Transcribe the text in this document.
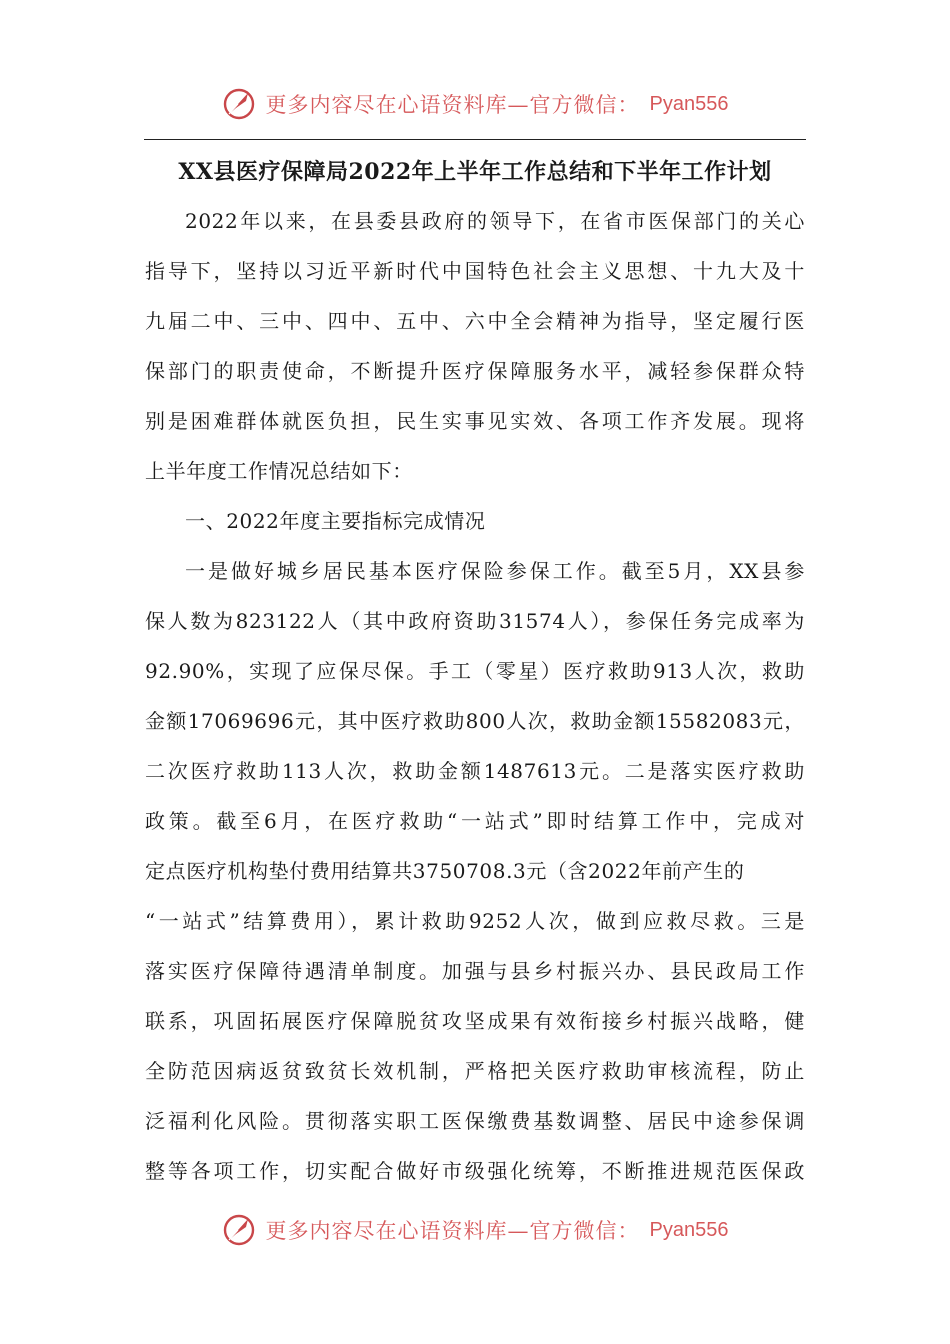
更多内容尽在心语资料库—官方微信： Pyan556
XX县医疗保障局2022年上半年工作总结和下半年工作计划
2022年以来，在县委县政府的领导下，在省市医保部门的关心
指导下，坚持以习近平新时代中国特色社会主义思想、十九大及十
九届二中、三中、四中、五中、六中全会精神为指导，坚定履行医
保部门的职责使命，不断提升医疗保障服务水平，减轻参保群众特
别是困难群体就医负担，民生实事见实效、各项工作齐发展。现将
上半年度工作情况总结如下：
一、2022年度主要指标完成情况
一是做好城乡居民基本医疗保险参保工作。截至5月，XX县参
保人数为823122人（其中政府资助31574人），参保任务完成率为
92.90%，实现了应保尽保。手工（零星）医疗救助913人次，救助
金额17069696元，其中医疗救助800人次，救助金额15582083元，
二次医疗救助113人次，救助金额1487613元。二是落实医疗救助
政策。截至6月，在医疗救助“一站式”即时结算工作中，完成对
定点医疗机构垫付费用结算共3750708.3元（含2022年前产生的
“一站式”结算费用），累计救助9252人次，做到应救尽救。三是
落实医疗保障待遇清单制度。加强与县乡村振兴办、县民政局工作
联系，巩固拓展医疗保障脱贫攻坚成果有效衔接乡村振兴战略，健
全防范因病返贫致贫长效机制，严格把关医疗救助审核流程，防止
泛福利化风险。贯彻落实职工医保缴费基数调整、居民中途参保调
整等各项工作，切实配合做好市级强化统筹，不断推进规范医保政
更多内容尽在心语资料库—官方微信： Pyan556
